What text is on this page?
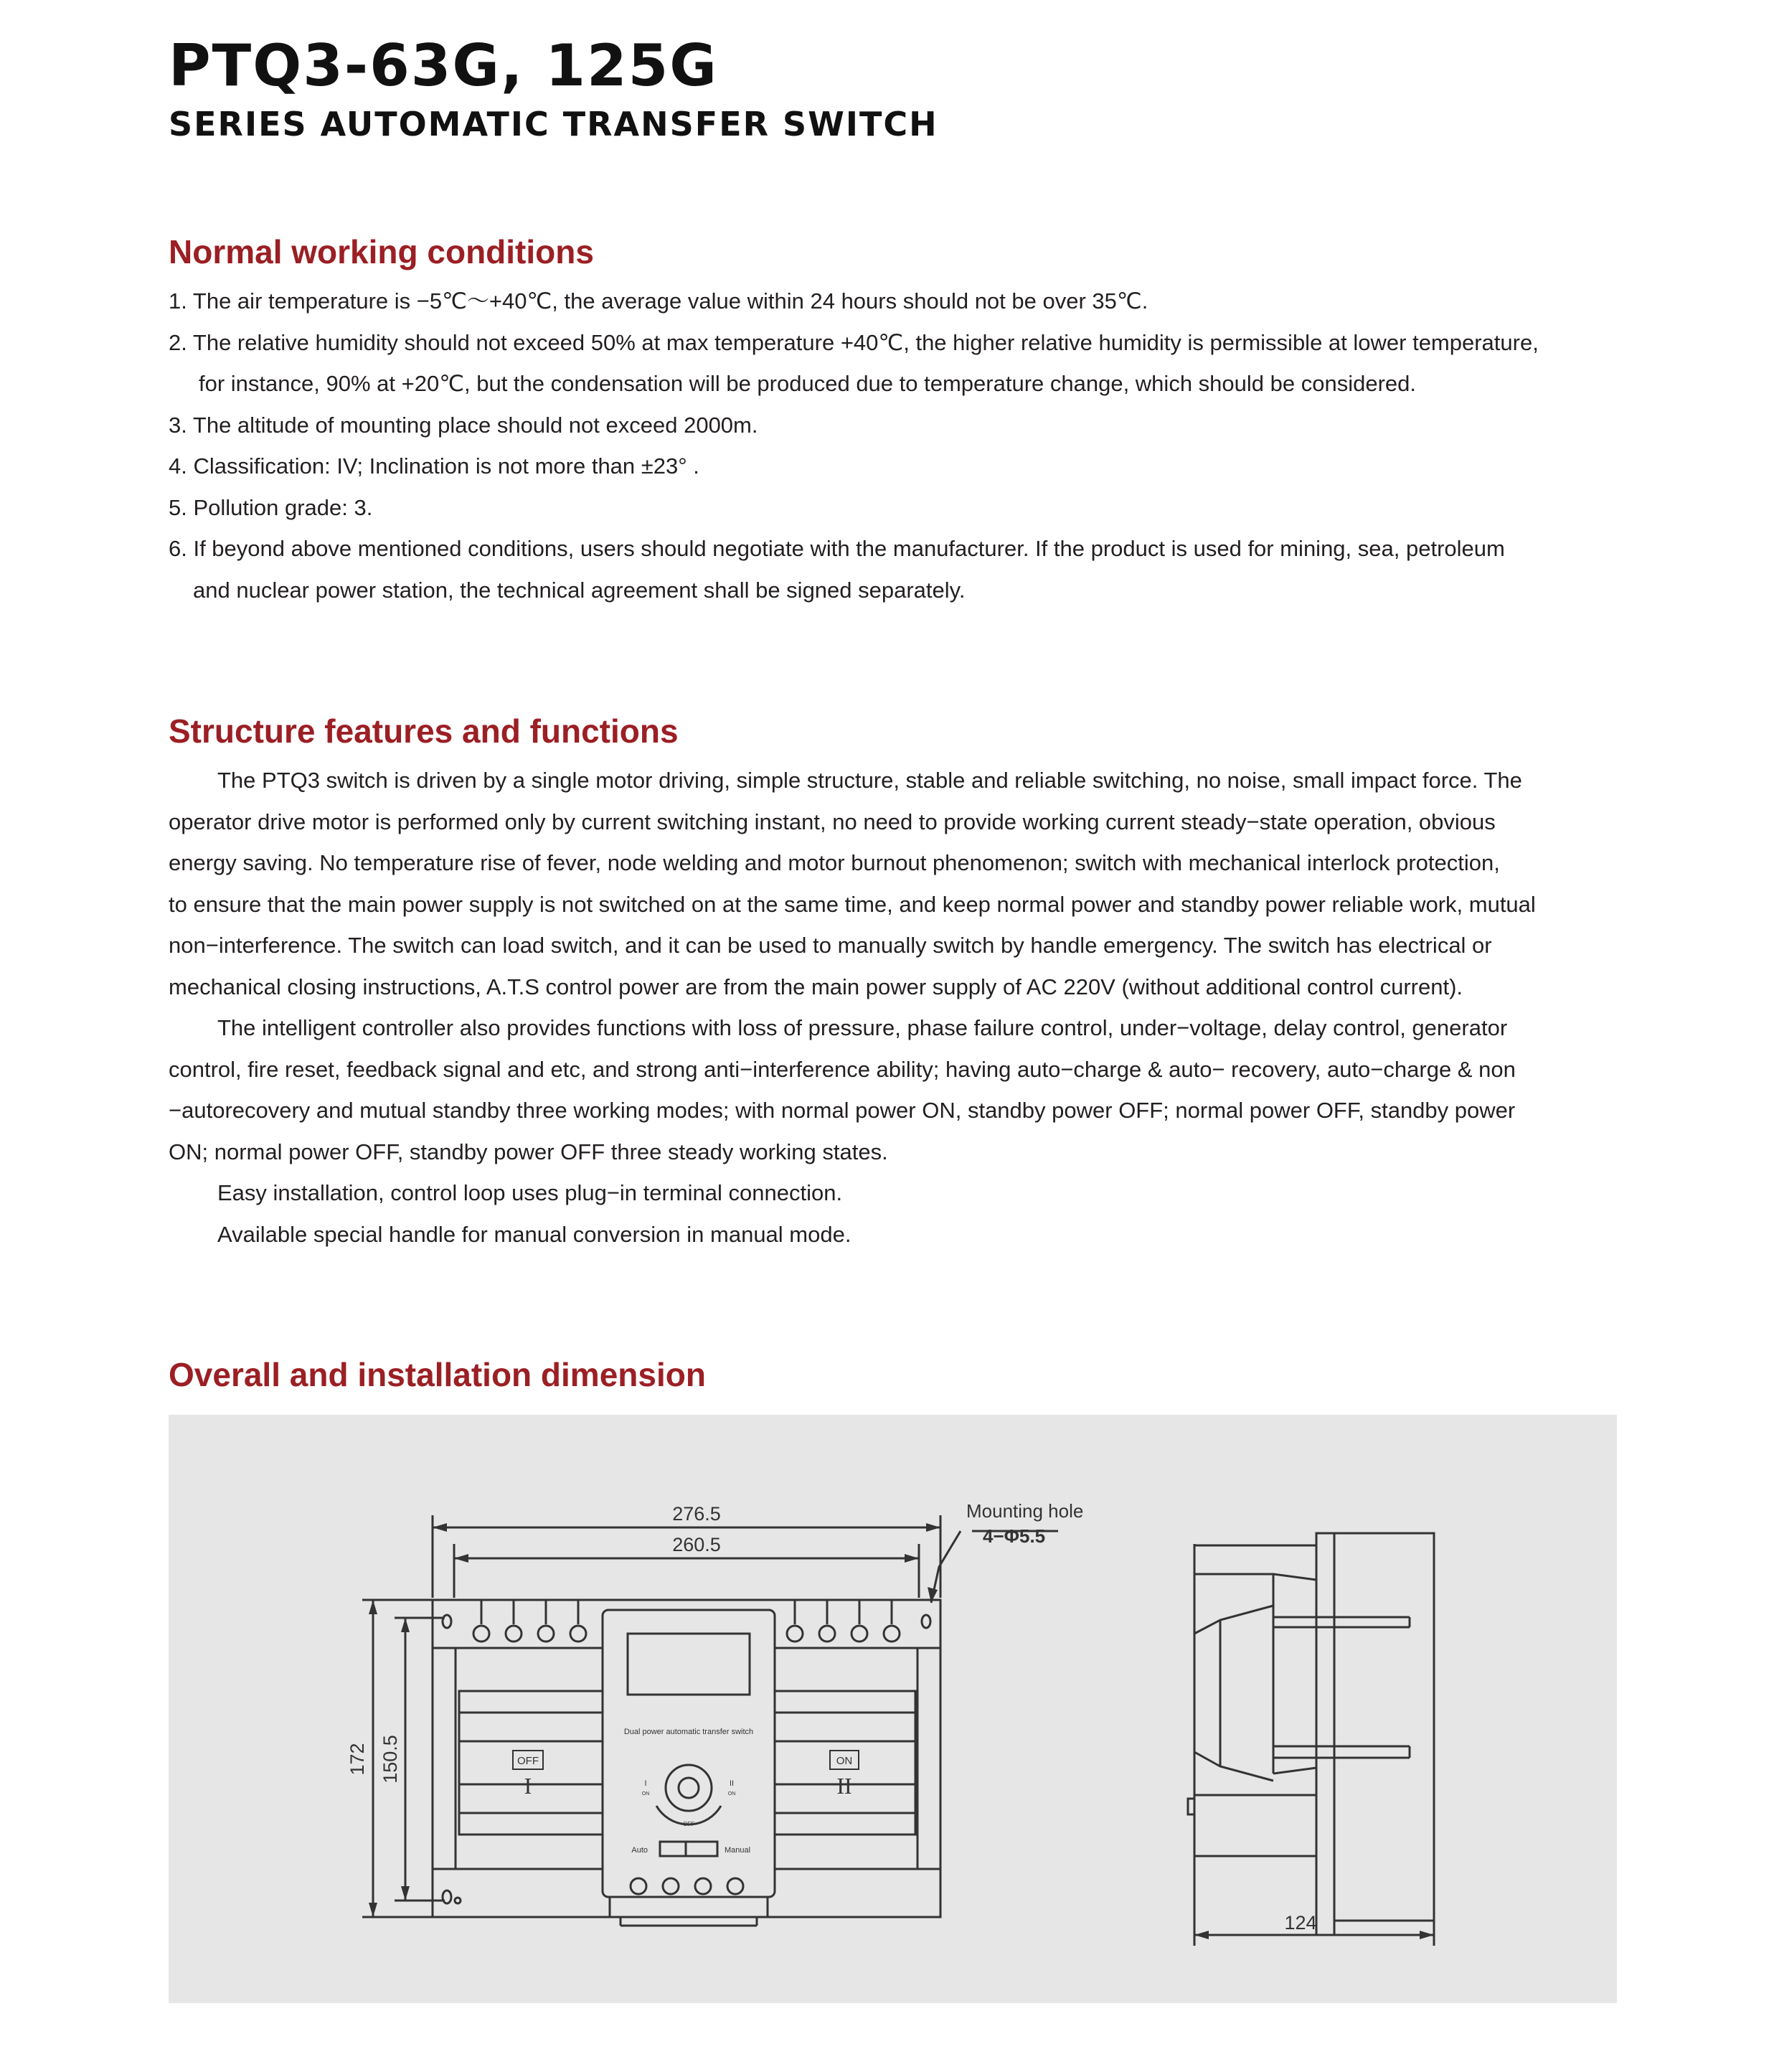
PTQ3-63G, 125G
SERIES AUTOMATIC TRANSFER SWITCH
Normal working conditions
1. The air temperature is −5℃～+40℃, the average value within 24 hours should not be over 35℃.
2. The relative humidity should not exceed 50% at max temperature +40℃, the higher relative humidity is permissible at lower temperature,
for instance, 90% at +20℃, but the condensation will be produced due to temperature change, which should be considered.
3. The altitude of mounting place should not exceed 2000m.
4. Classification: IV; Inclination is not more than ±23° .
5. Pollution grade: 3.
6. If beyond above mentioned conditions, users should negotiate with the manufacturer. If the product is used for mining, sea, petroleum
and nuclear power station, the technical agreement shall be signed separately.
Structure features and functions
The PTQ3 switch is driven by a single motor driving, simple structure, stable and reliable switching, no noise, small impact force. The
operator drive motor is performed only by current switching instant, no need to provide working current steady−state operation, obvious
energy saving. No temperature rise of fever, node welding and motor burnout phenomenon; switch with mechanical interlock protection,
to ensure that the main power supply is not switched on at the same time, and keep normal power and standby power reliable work, mutual
non−interference. The switch can load switch, and it can be used to manually switch by handle emergency. The switch has electrical or
mechanical closing instructions, A.T.S control power are from the main power supply of AC 220V (without additional control current).
The intelligent controller also provides functions with loss of pressure, phase failure control, under−voltage, delay control, generator
control, fire reset, feedback signal and etc, and strong anti−interference ability; having auto−charge & auto− recovery, auto−charge & non
−autorecovery and mutual standby three working modes; with normal power ON, standby power OFF; normal power OFF, standby power
ON; normal power OFF, standby power OFF three steady working states.
Easy installation, control loop uses plug−in terminal connection.
Available special handle for manual conversion in manual mode.
Overall and installation dimension
276.5
260.5
172 150.5
Mounting hole
4−Φ5.5
124
Dual power automatic transfer switch
OFF	ON
I	II
I
ON
II
ON
OFF
Auto	Manual
